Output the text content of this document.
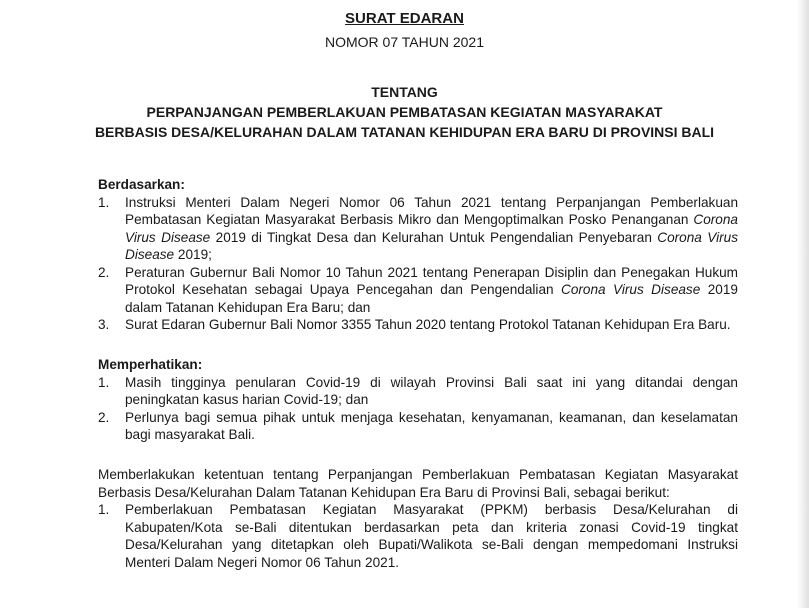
SURAT EDARAN
NOMOR 07 TAHUN 2021
TENTANG
PERPANJANGAN PEMBERLAKUAN PEMBATASAN KEGIATAN MASYARAKAT
BERBASIS DESA/KELURAHAN DALAM TATANAN KEHIDUPAN ERA BARU DI PROVINSI BALI
Berdasarkan:
1.	Instruksi Menteri Dalam Negeri Nomor 06 Tahun 2021 tentang Perpanjangan Pemberlakuan Pembatasan Kegiatan Masyarakat Berbasis Mikro dan Mengoptimalkan Posko Penanganan Corona Virus Disease 2019 di Tingkat Desa dan Kelurahan Untuk Pengendalian Penyebaran Corona Virus Disease 2019;
2.	Peraturan Gubernur Bali Nomor 10 Tahun 2021 tentang Penerapan Disiplin dan Penegakan Hukum Protokol Kesehatan sebagai Upaya Pencegahan dan Pengendalian Corona Virus Disease 2019 dalam Tatanan Kehidupan Era Baru; dan
3.	Surat Edaran Gubernur Bali Nomor 3355 Tahun 2020 tentang Protokol Tatanan Kehidupan Era Baru.
Memperhatikan:
1.	Masih tingginya penularan Covid-19 di wilayah Provinsi Bali saat ini yang ditandai dengan peningkatan kasus harian Covid-19; dan
2.	Perlunya bagi semua pihak untuk menjaga kesehatan, kenyamanan, keamanan, dan keselamatan bagi masyarakat Bali.
Memberlakukan ketentuan tentang Perpanjangan Pemberlakuan Pembatasan Kegiatan Masyarakat Berbasis Desa/Kelurahan Dalam Tatanan Kehidupan Era Baru di Provinsi Bali, sebagai berikut:
1.	Pemberlakuan Pembatasan Kegiatan Masyarakat (PPKM) berbasis Desa/Kelurahan di Kabupaten/Kota se-Bali ditentukan berdasarkan peta dan kriteria zonasi Covid-19 tingkat Desa/Kelurahan yang ditetapkan oleh Bupati/Walikota se-Bali dengan mempedomani Instruksi Menteri Dalam Negeri Nomor 06 Tahun 2021.
